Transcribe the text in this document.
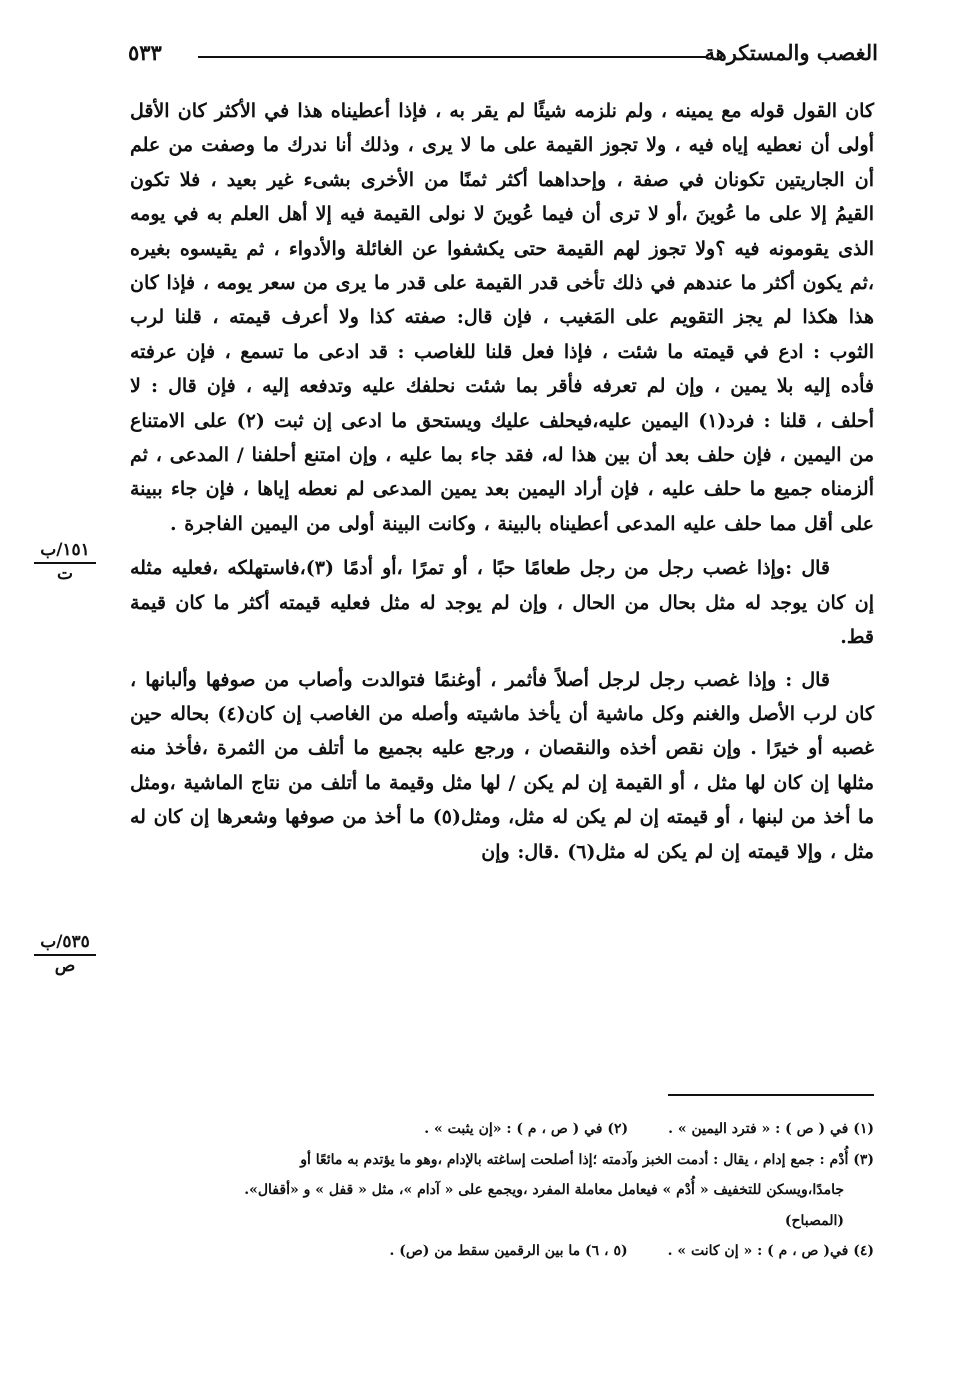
الغصب والمستكرهة
٥٣٣
١٥١/ب
ت
٥٣٥/ب
ص

كان القول قوله مع يمينه ، ولم نلزمه شيئًا لم يقر به ، فإذا أعطيناه هذا في الأكثر كان الأقل أولى أن نعطيه إياه فيه ، ولا تجوز القيمة على ما لا يرى ، وذلك أنا ندرك ما وصفت من علم أن الجاريتين تكونان في صفة ، وإحداهما أكثر ثمنًا من الأخرى بشىء غير بعيد ، فلا تكون القيمُ إلا على ما عُوينَ ،أو لا ترى أن فيما عُوينَ لا نولى القيمة فيه إلا أهل العلم به في يومه الذى يقومونه فيه ؟ولا تجوز لهم القيمة حتى يكشفوا عن الغائلة والأدواء ، ثم يقيسوه بغيره ،ثم يكون أكثر ما عندهم في ذلك تأخى قدر القيمة على قدر ما يرى من سعر يومه ، فإذا كان هذا هكذا لم يجز التقويم على المَغيب ، فإن قال: صفته كذا ولا أعرف قيمته ، قلنا لرب الثوب : ادع في قيمته ما شئت ، فإذا فعل قلنا للغاصب : قد ادعى ما تسمع ، فإن عرفته فأده إليه بلا يمين ، وإن لم تعرفه فأقر بما شئت نحلفك عليه وتدفعه إليه ، فإن قال : لا أحلف ، قلنا : فرد(١) اليمين عليه،فيحلف عليك ويستحق ما ادعى إن ثبت (٢) على الامتناع من اليمين ، فإن حلف بعد أن بين هذا له، فقد جاء بما عليه ، وإن امتنع أحلفنا / المدعى ، ثم ألزمناه جميع ما حلف عليه ، فإن أراد اليمين بعد يمين المدعى لم نعطه إياها ، فإن جاء ببينة على أقل مما حلف عليه المدعى أعطيناه بالبينة ، وكانت البينة أولى من اليمين الفاجرة .

قال :وإذا غصب رجل من رجل طعامًا حبًا ، أو تمرًا ،أو أدمًا (٣)،فاستهلكه ،فعليه مثله إن كان يوجد له مثل بحال من الحال ، وإن لم يوجد له مثل فعليه قيمته أكثر ما كان قيمة قط.

قال : وإذا غصب رجل لرجل أصلاً فأثمر ، أوغنمًا فتوالدت وأصاب من صوفها وألبانها ، كان لرب الأصل والغنم وكل ماشية أن يأخذ ماشيته وأصله من الغاصب إن كان(٤) بحاله حين غصبه أو خيرًا . وإن نقص أخذه والنقصان ، ورجع عليه بجميع ما أتلف من الثمرة ،فأخذ منه مثلها إن كان لها مثل ، أو القيمة إن لم يكن / لها مثل وقيمة ما أتلف من نتاج الماشية ،ومثل ما أخذ من لبنها ، أو قيمته إن لم يكن له مثل، ومثل(٥) ما أخذ من صوفها وشعرها إن كان له مثل ، وإلا قيمته إن لم يكن له مثل(٦) .قال: وإن

(١) في ( ص ) : « فترد اليمين » .(٢) في ( ص ، م ) : «إن يثبت » .
(٣) أُدْم : جمع إدام ، يقال : أدمت الخبز وآدمته ؛إذا أصلحت إساغته بالإدام ،وهو ما يؤتدم به مائعًا أو
جامدًا،ويسكن للتخفيف « أُدْم » فيعامل معاملة المفرد ،ويجمع على « آدام »، مثل « قفل » و «أقفال».
(المصباح)
(٤) في( ص ، م ) : « إن كانت » .(٥ ، ٦) ما بين الرقمين سقط من (ص) .
